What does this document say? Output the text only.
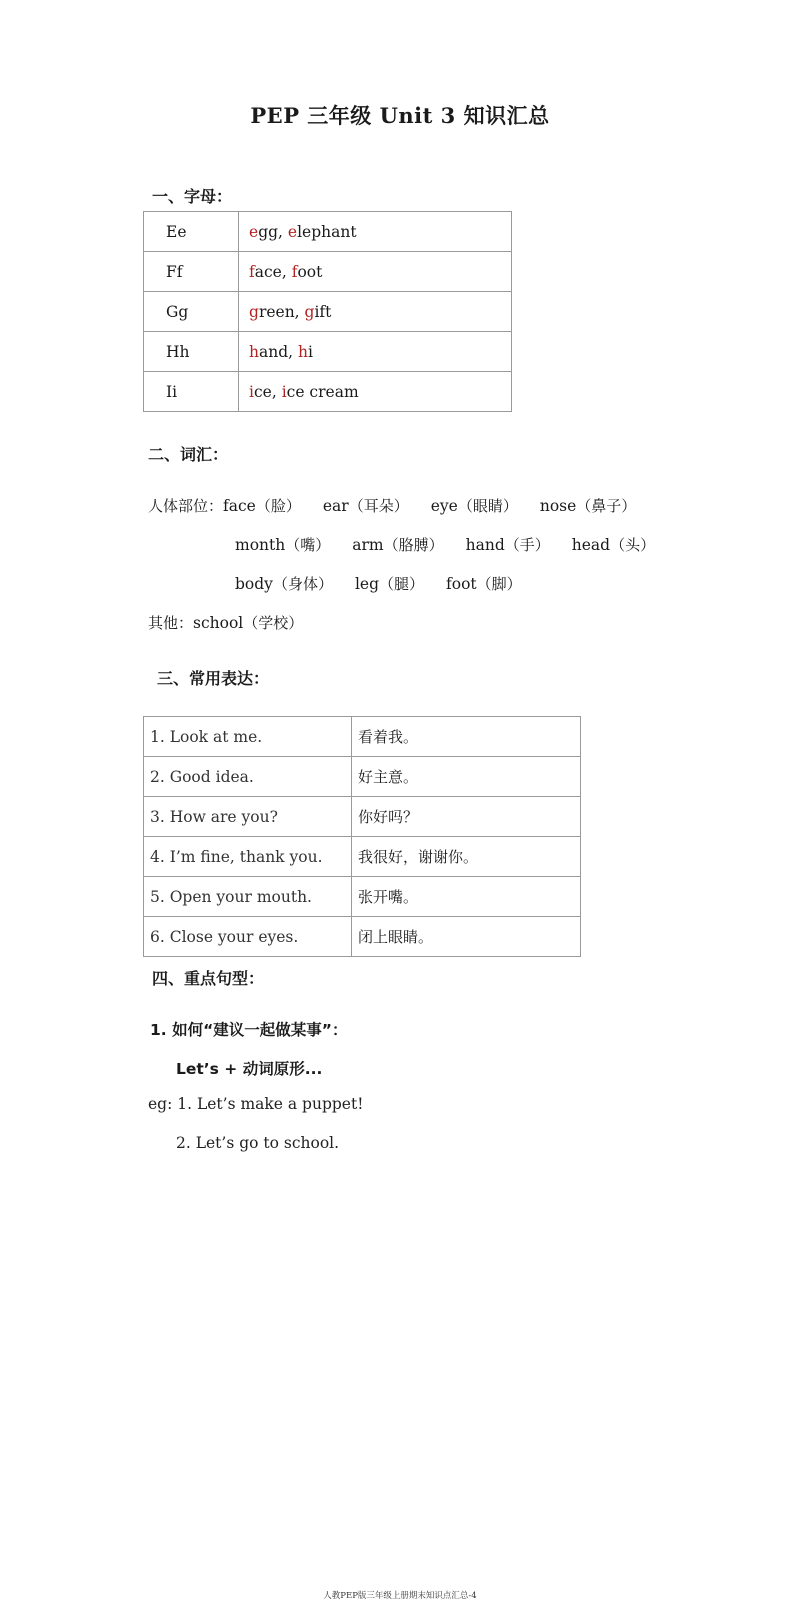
PEP 三年级 Unit 3 知识汇总
一、字母：
Ee	egg, elephant
Ff	face, foot
Gg	green, gift
Hh	hand, hi
Ii	ice, ice cream
二、词汇：
人体部位：face（脸） ear（耳朵） eye（眼睛） nose（鼻子）
month（嘴） arm（胳膊） hand（手） head（头）
body（身体） leg（腿） foot（脚）
其他：school（学校）
三、常用表达：
1. Look at me.	看着我。
2. Good idea.	好主意。
3. How are you?	你好吗？
4. I’m fine, thank you.	我很好，谢谢你。
5. Open your mouth.	张开嘴。
6. Close your eyes.	闭上眼睛。
四、重点句型：
1. 如何“建议一起做某事”：
Let’s + 动词原形...
eg: 1. Let’s make a puppet!
2. Let’s go to school.
人教PEP版三年级上册期末知识点汇总-4
